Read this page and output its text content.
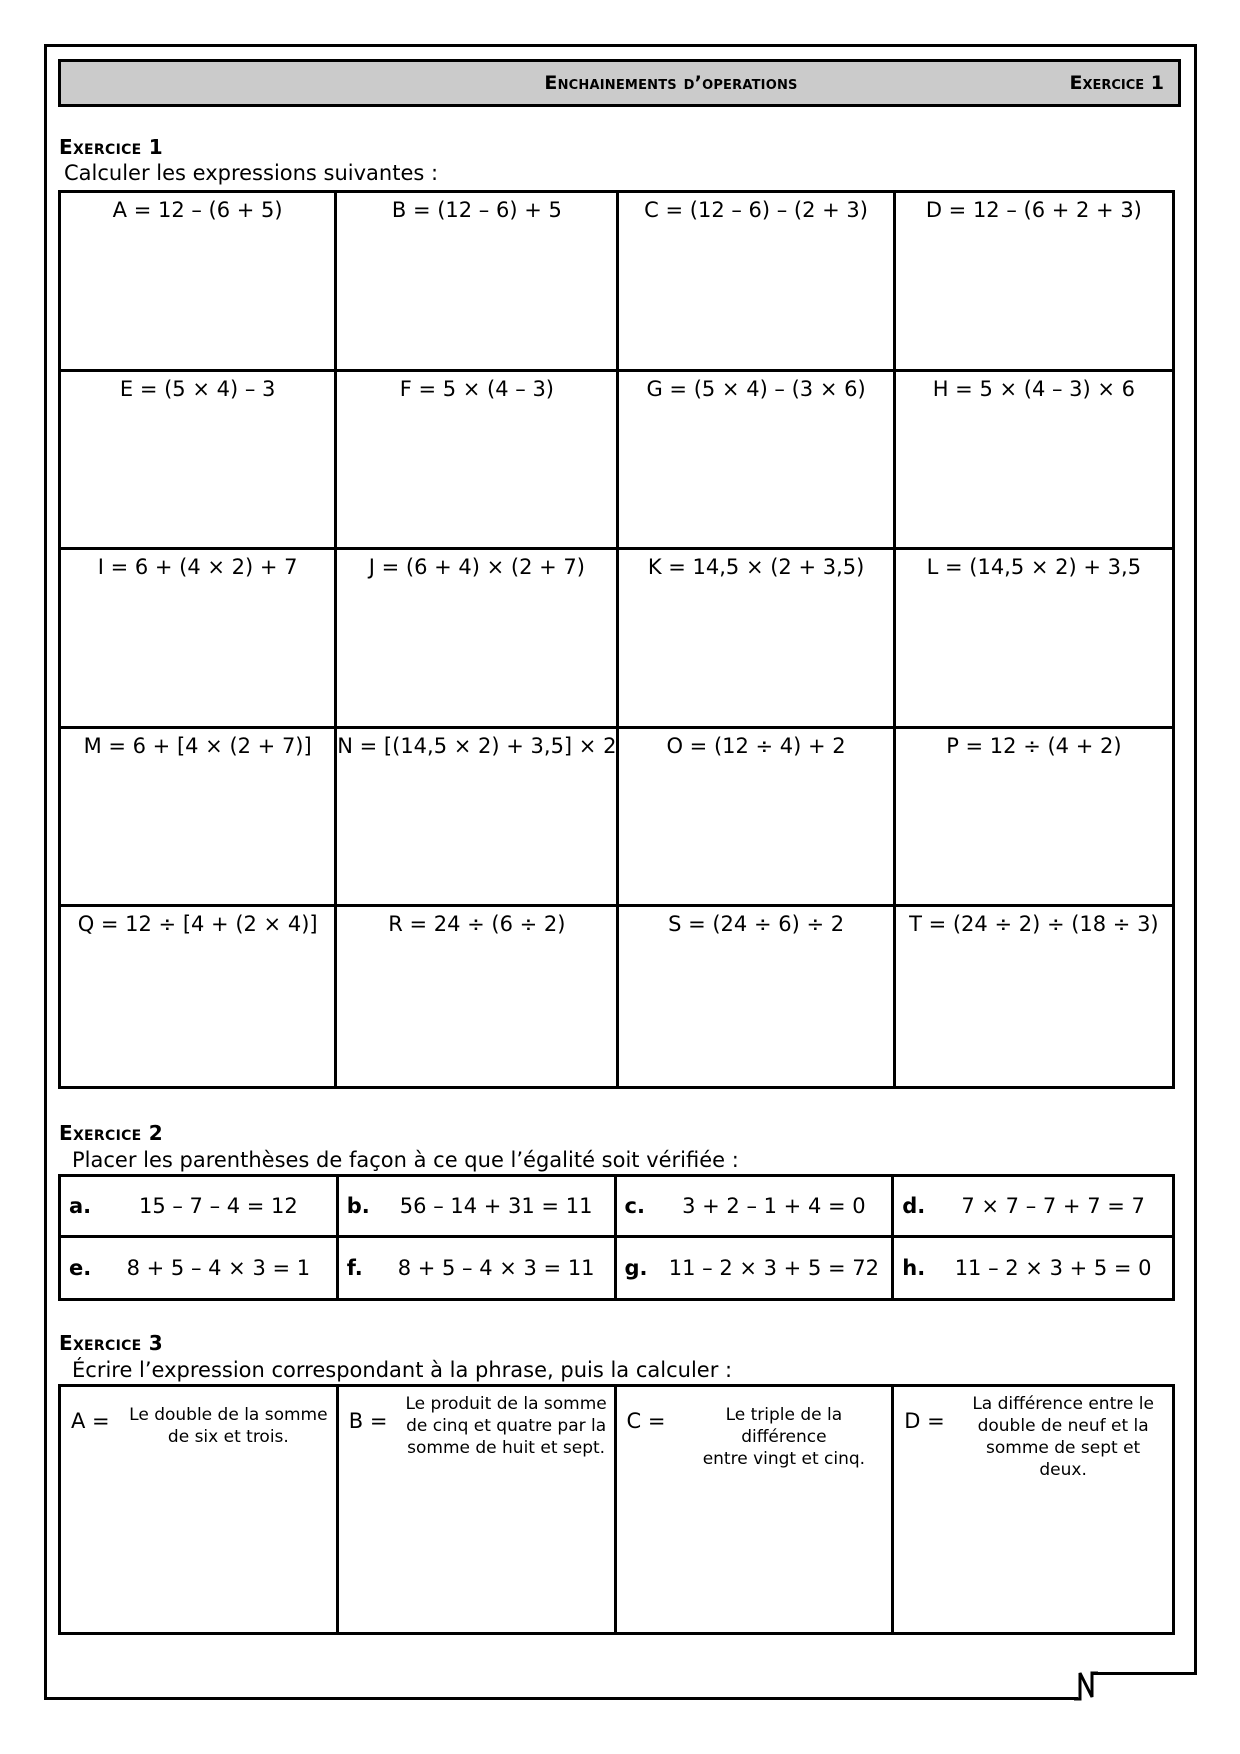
Enchainements d’operations	Exercice 1
Exercice 1
Calculer les expressions suivantes :
A = 12 – (6 + 5)	B = (12 – 6) + 5	C = (12 – 6) – (2 + 3)	D = 12 – (6 + 2 + 3)
E = (5 × 4) – 3	F = 5 × (4 – 3)	G = (5 × 4) – (3 × 6)	H = 5 × (4 – 3) × 6
I = 6 + (4 × 2) + 7	J = (6 + 4) × (2 + 7)	K = 14,5 × (2 + 3,5)	L = (14,5 × 2) + 3,5
M = 6 + [4 × (2 + 7)]	N = [(14,5 × 2) + 3,5] × 2	O = (12 ÷ 4) + 2	P = 12 ÷ (4 + 2)
Q = 12 ÷ [4 + (2 × 4)]	R = 24 ÷ (6 ÷ 2)	S = (24 ÷ 6) ÷ 2	T = (24 ÷ 2) ÷ (18 ÷ 3)
Exercice 2
Placer les parenthèses de façon à ce que l’égalité soit vérifiée :
a.	15 – 7 – 4 = 12	b.	56 – 14 + 31 = 11	c.	3 + 2 – 1 + 4 = 0	d.	7 × 7 – 7 + 7 = 7
e.	8 + 5 – 4 × 3 = 1	f.	8 + 5 – 4 × 3 = 11	g.	11 – 2 × 3 + 5 = 72	h.	11 – 2 × 3 + 5 = 0
Exercice 3
Écrire l’expression correspondant à la phrase, puis la calculer :
A = Le double de la somme
de six et trois.
B =
Le produit de la somme
de cinq et quatre par la
somme de huit et sept.
C =	Le triple de la différence
entre vingt et cinq.
D =
La différence entre le
double de neuf et la
somme de sept et deux.
